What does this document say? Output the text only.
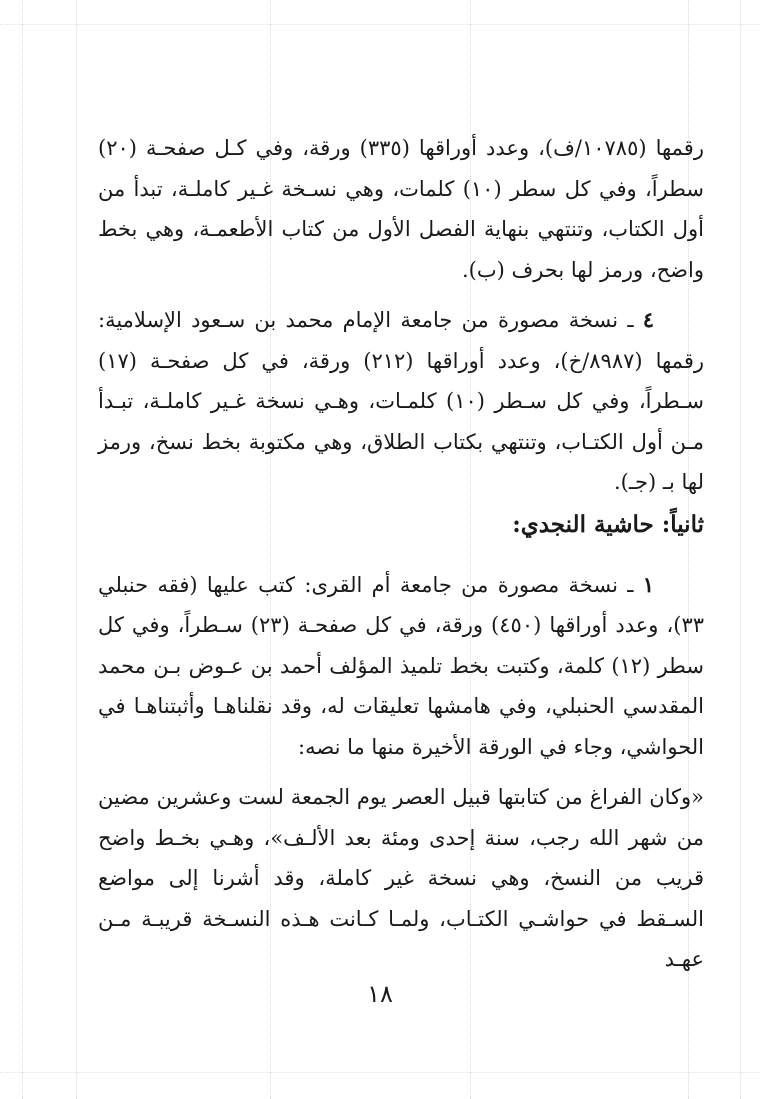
رقمها (١٠٧٨٥/ف)، وعدد أوراقها (٣٣٥) ورقة، وفي كـل صفحـة (٢٠) سطراً، وفي كل سطر (١٠) كلمات، وهي نسـخة غـير كاملـة، تبدأ من أول الكتاب، وتنتهي بنهاية الفصل الأول من كتاب الأطعمـة، وهي بخط واضح، ورمز لها بحرف (ب).

٤ ـ نسخة مصورة من جامعة الإمام محمد بن سـعود الإسلامية: رقمها (٨٩٨٧/خ)، وعدد أوراقها (٢١٢) ورقة، في كل صفحـة (١٧) سـطراً، وفي كل سـطر (١٠) كلمـات، وهـي نسخة غـير كاملـة، تبـدأ مـن أول الكتـاب، وتنتهي بكتاب الطلاق، وهي مكتوبة بخط نسخ، ورمز لها بـ (جـ).

ثانياً: حاشية النجدي:

١ ـ نسخة مصورة من جامعة أم القرى: كتب عليها (فقه حنبلي ٣٣)، وعدد أوراقها (٤٥٠) ورقة، في كل صفحـة (٢٣) سـطراً، وفي كل سطر (١٢) كلمة، وكتبت بخط تلميذ المؤلف أحمد بن عـوض بـن محمد المقدسي الحنبلي، وفي هامشها تعليقات له، وقد نقلناهـا وأثبتناهـا في الحواشي، وجاء في الورقة الأخيرة منها ما نصه:

«وكان الفراغ من كتابتها قبيل العصر يوم الجمعة لست وعشرين مضين من شهر الله رجب، سنة إحدى ومئة بعد الألـف»، وهـي بخـط واضح قريب من النسخ، وهي نسخة غير كاملة، وقد أشرنا إلى مواضع السـقط في حواشـي الكتـاب، ولمـا كـانت هـذه النسـخة قريبـة مـن عهـد

١٨
